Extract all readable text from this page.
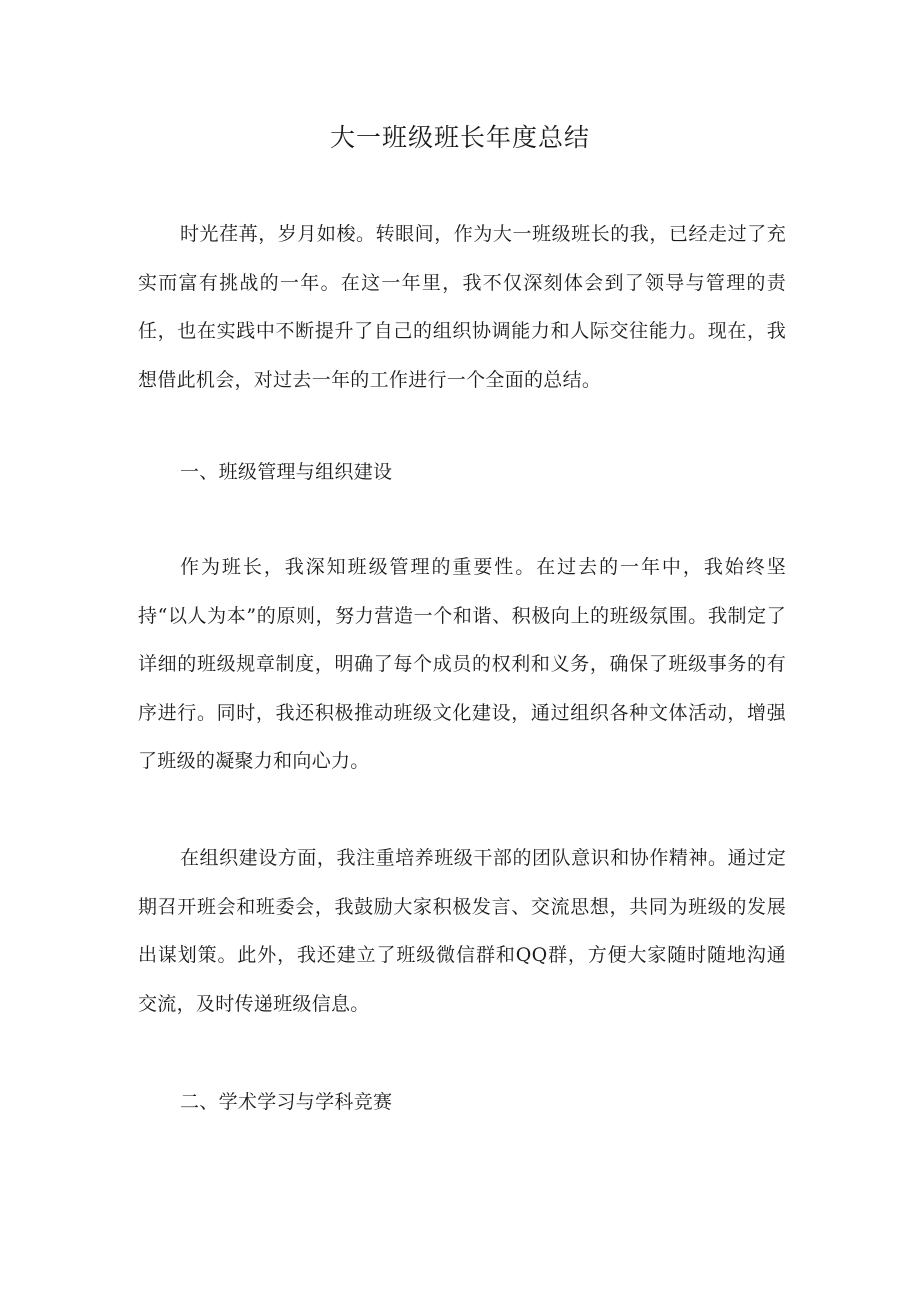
大一班级班长年度总结

时光荏苒，岁月如梭。转眼间，作为大一班级班长的我，已经走过了充实而富有挑战的一年。在这一年里，我不仅深刻体会到了领导与管理的责任，也在实践中不断提升了自己的组织协调能力和人际交往能力。现在，我想借此机会，对过去一年的工作进行一个全面的总结。

一、班级管理与组织建设

作为班长，我深知班级管理的重要性。在过去的一年中，我始终坚持“以人为本”的原则，努力营造一个和谐、积极向上的班级氛围。我制定了详细的班级规章制度，明确了每个成员的权利和义务，确保了班级事务的有序进行。同时，我还积极推动班级文化建设，通过组织各种文体活动，增强了班级的凝聚力和向心力。

在组织建设方面，我注重培养班级干部的团队意识和协作精神。通过定期召开班会和班委会，我鼓励大家积极发言、交流思想，共同为班级的发展出谋划策。此外，我还建立了班级微信群和QQ群，方便大家随时随地沟通交流，及时传递班级信息。

二、学术学习与学科竞赛
